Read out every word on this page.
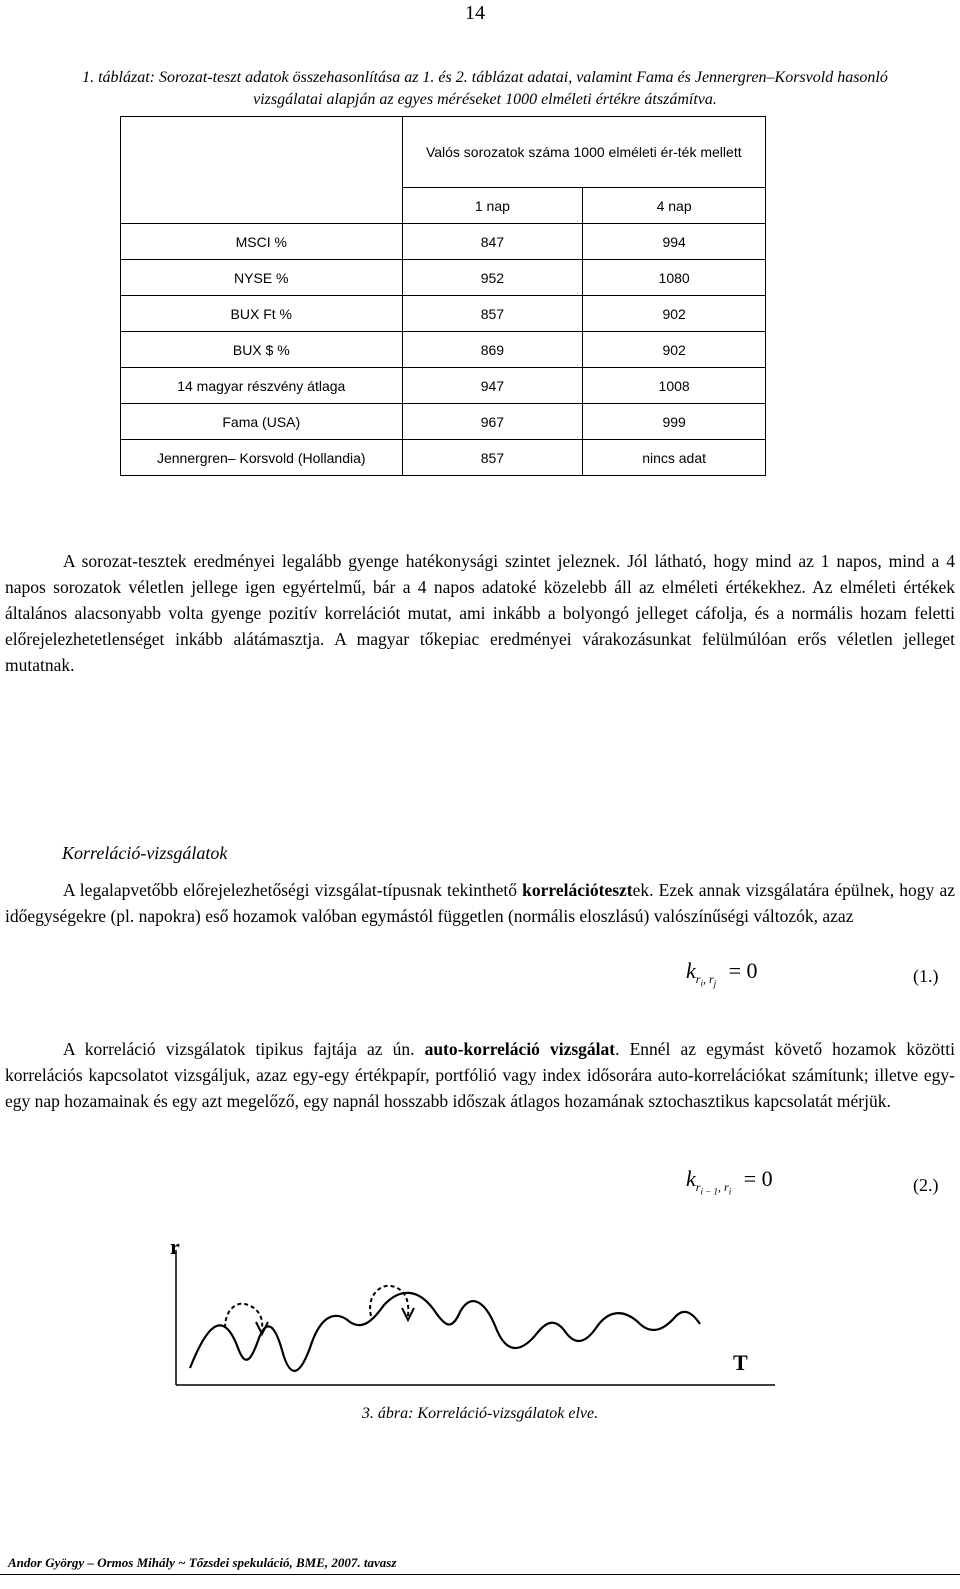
14
1. táblázat: Sorozat-teszt adatok összehasonlítása az 1. és 2. táblázat adatai, valamint Fama és Jennergren–Korsvold hasonló vizsgálatai alapján az egyes méréseket 1000 elméleti értékre átszámítva.

	Valós sorozatok száma 1000 elméleti ér-ték mellett	

	1 nap	4 nap
MSCI %	847	994
NYSE %	952	1080
BUX Ft %	857	902
BUX $ %	869	902
14 magyar részvény átlaga	947	1008
Fama (USA)	967	999
Jennergren– Korsvold (Hollandia)	857	nincs adat

A sorozat-tesztek eredményei legalább gyenge hatékonysági szintet jeleznek. Jól látható, hogy mind az 1 napos, mind a 4 napos sorozatok véletlen jellege igen egyértelmű, bár a 4 napos adatoké közelebb áll az elméleti értékekhez. Az elméleti értékek általános alacsonyabb volta gyenge pozitív korrelációt mutat, ami inkább a bolyongó jelleget cáfolja, és a normális hozam feletti előrejelezhetetlenséget inkább alátámasztja. A magyar tőkepiac eredményei várakozásunkat felülmúlóan erős véletlen jelleget mutatnak.

Korreláció-vizsgálatok

A legalapvetőbb előrejelezhetőségi vizsgálat-típusnak tekinthető korrelációtesztek. Ezek annak vizsgálatára épülnek, hogy az időegységekre (pl. napokra) eső hozamok valóban egymástól független (normális eloszlású) valószínűségi változók, azaz

$k_{r_i, r_j} = 0$	(1.)

A korreláció vizsgálatok tipikus fajtája az ún. auto-korreláció vizsgálat. Ennél az egymást követő hozamok közötti korrelációs kapcsolatot vizsgáljuk, azaz egy-egy értékpapír, portfólió vagy index idősorára auto-korrelációkat számítunk; illetve egy-egy nap hozamainak és egy azt megelőző, egy napnál hosszabb időszak átlagos hozamának sztochasztikus kapcsolatát mérjük.

$k_{r_{i - 1}, r_i} = 0$	(2.)
r
T
3. ábra: Korreláció-vizsgálatok elve.
Andor György – Ormos Mihály ~ Tőzsdei spekuláció, BME, 2007. tavasz
